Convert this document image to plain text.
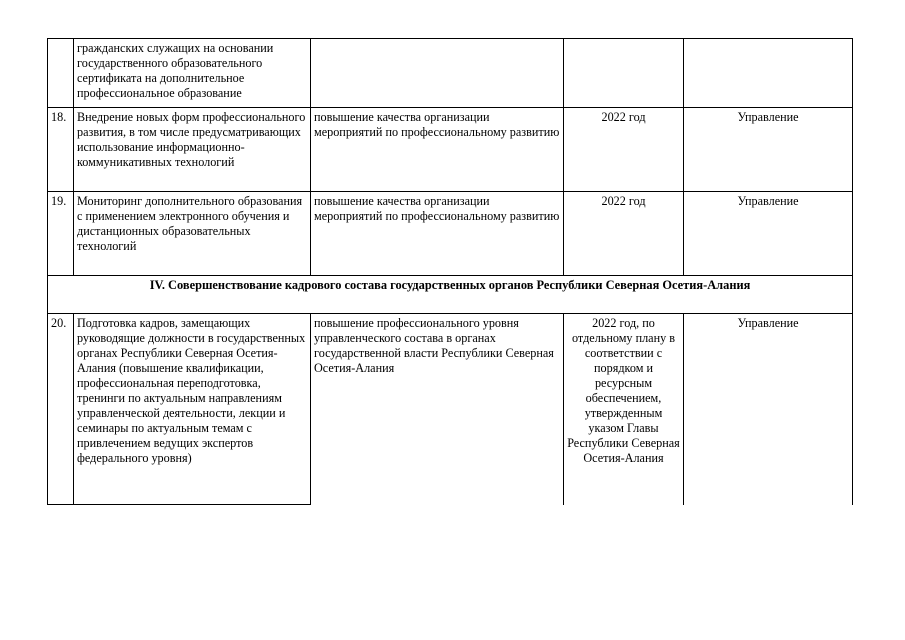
	гражданских служащих на основании государственного образовательного сертификата на дополнительное профессиональное образование			

18.	Внедрение новых форм профессионального развития, в том числе предусматривающих использование информационно-коммуникативных технологий	повышение качества организации мероприятий по профессиональному развитию	2022 год	Управление
19.	Мониторинг дополнительного образования с применением электронного обучения и дистанционных образовательных технологий	повышение качества организации мероприятий по профессиональному развитию	2022 год	Управление
IV. Совершенствование кадрового состава государственных органов Республики Северная Осетия-Алания				
20.	Подготовка кадров, замещающих руководящие должности в государственных органах Республики Северная Осетия-Алания (повышение квалификации, профессиональная переподготовка, тренинги по актуальным направлениям управленческой деятельности, лекции и семинары по актуальным темам с привлечением ведущих экспертов федерального уровня)	повышение профессионального уровня управленческого состава в органах государственной власти Республики Северная Осетия-Алания	2022 год, по отдельному плану в соответствии с порядком и ресурсным обеспечением, утвержденным указом Главы Республики Северная Осетия-Алания	Управление
